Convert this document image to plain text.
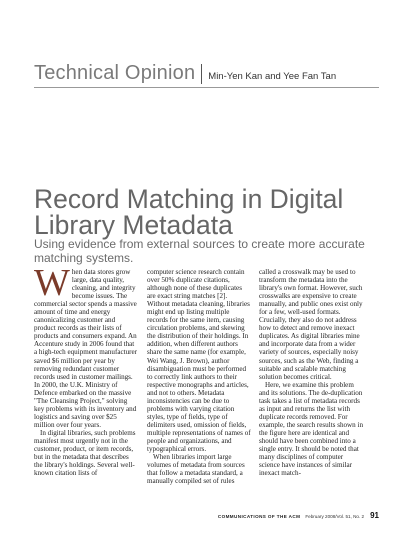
Technical Opinion Min-Yen Kan and Yee Fan Tan
Record Matching in Digital Library Metadata

Using evidence from external sources to create more accurate matching systems.

When data stores grow large, data quality, cleaning, and integrity become issues. The commercial sector spends a massive amount of time and energy canonicalizing customer and product records as their lists of products and consumers expand. An Accenture study in 2006 found that a high-tech equipment manufacturer saved $6 million per year by removing redundant customer records used in customer mailings. In 2000, the U.K. Ministry of Defence embarked on the massive "The Cleansing Project," solving key problems with its inventory and logistics and saving over $25 million over four years.

In digital libraries, such problems manifest most urgently not in the customer, product, or item records, but in the metadata that describes the library's holdings. Several well-known citation lists of

computer science research contain over 50% duplicate citations, although none of these duplicates are exact string matches [2]. Without metadata cleaning, libraries might end up listing multiple records for the same item, causing circulation problems, and skewing the distribution of their holdings. In addition, when different authors share the same name (for example, Wei Wang, J. Brown), author disambiguation must be performed to correctly link authors to their respective monographs and articles, and not to others. Metadata inconsistencies can be due to problems with varying citation styles, type of fields, type of delimiters used, omission of fields, multiple representations of names of people and organizations, and typographical errors.

When libraries import large volumes of metadata from sources that follow a metadata standard, a manually compiled set of rules

called a crosswalk may be used to transform the metadata into the library's own format. However, such crosswalks are expensive to create manually, and public ones exist only for a few, well-used formats. Crucially, they also do not address how to detect and remove inexact duplicates. As digital libraries mine and incorporate data from a wider variety of sources, especially noisy sources, such as the Web, finding a suitable and scalable matching solution becomes critical.

Here, we examine this problem and its solutions. The de-duplication task takes a list of metadata records as input and returns the list with duplicate records removed. For example, the search results shown in the figure here are identical and should have been combined into a single entry. It should be noted that many disciplines of computer science have instances of similar inexact match-

COMMUNICATIONS OF THE ACM February 2008/Vol. 51, No. 2 91
